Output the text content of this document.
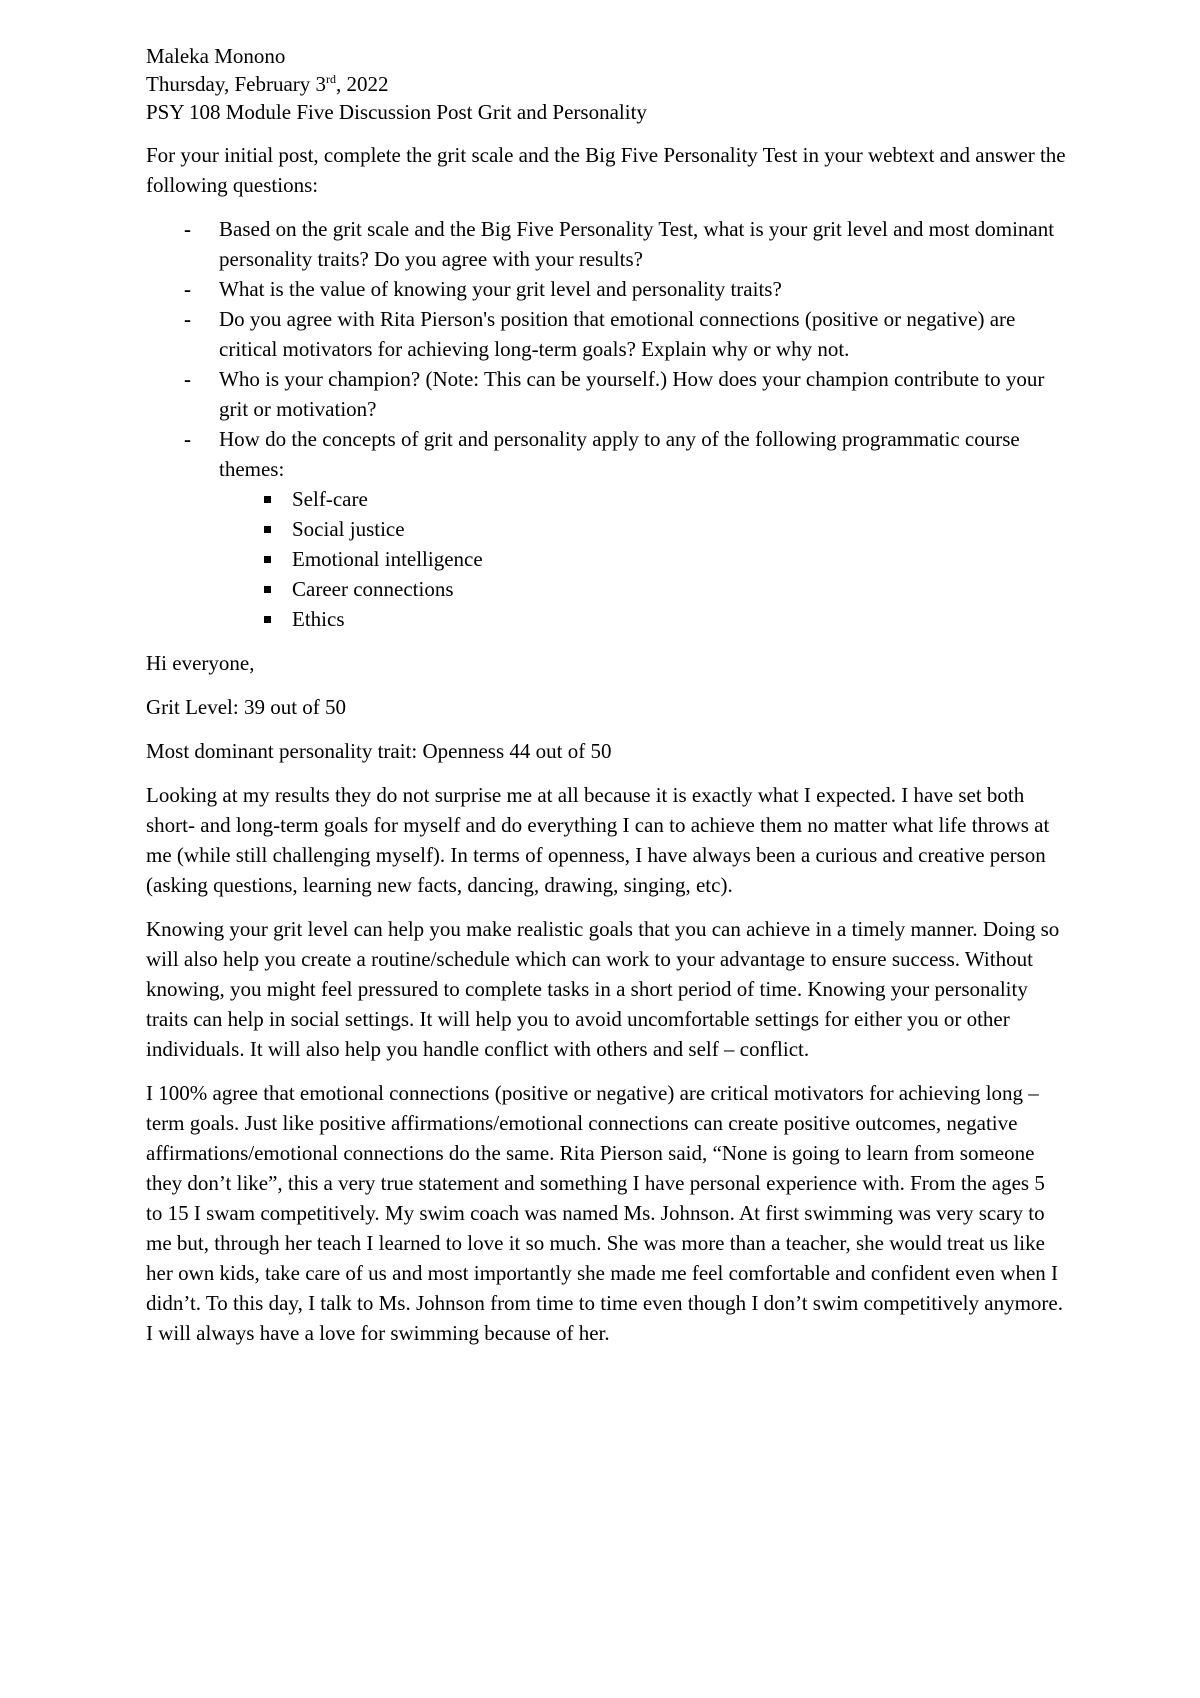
Maleka Monono

Thursday, February 3rd, 2022

PSY 108 Module Five Discussion Post Grit and Personality

For your initial post, complete the grit scale and the Big Five Personality Test in your webtext and answer the following questions:

- Based on the grit scale and the Big Five Personality Test, what is your grit level and most dominant personality traits? Do you agree with your results?
- What is the value of knowing your grit level and personality traits?
- Do you agree with Rita Pierson's position that emotional connections (positive or negative) are critical motivators for achieving long-term goals? Explain why or why not.
- Who is your champion? (Note: This can be yourself.) How does your champion contribute to your grit or motivation?
- How do the concepts of grit and personality apply to any of the following programmatic course themes:
Self-care
Social justice
Emotional intelligence
Career connections
Ethics

Hi everyone,

Grit Level: 39 out of 50

Most dominant personality trait: Openness 44 out of 50

Looking at my results they do not surprise me at all because it is exactly what I expected. I have set both short- and long-term goals for myself and do everything I can to achieve them no matter what life throws at me (while still challenging myself). In terms of openness, I have always been a curious and creative person (asking questions, learning new facts, dancing, drawing, singing, etc).

Knowing your grit level can help you make realistic goals that you can achieve in a timely manner. Doing so will also help you create a routine/schedule which can work to your advantage to ensure success. Without knowing, you might feel pressured to complete tasks in a short period of time. Knowing your personality traits can help in social settings. It will help you to avoid uncomfortable settings for either you or other individuals. It will also help you handle conflict with others and self – conflict.

I 100% agree that emotional connections (positive or negative) are critical motivators for achieving long – term goals. Just like positive affirmations/emotional connections can create positive outcomes, negative affirmations/emotional connections do the same. Rita Pierson said, “None is going to learn from someone they don’t like”, this a very true statement and something I have personal experience with. From the ages 5 to 15 I swam competitively. My swim coach was named Ms. Johnson. At first swimming was very scary to me but, through her teach I learned to love it so much. She was more than a teacher, she would treat us like her own kids, take care of us and most importantly she made me feel comfortable and confident even when I didn’t. To this day, I talk to Ms. Johnson from time to time even though I don’t swim competitively anymore. I will always have a love for swimming because of her.
